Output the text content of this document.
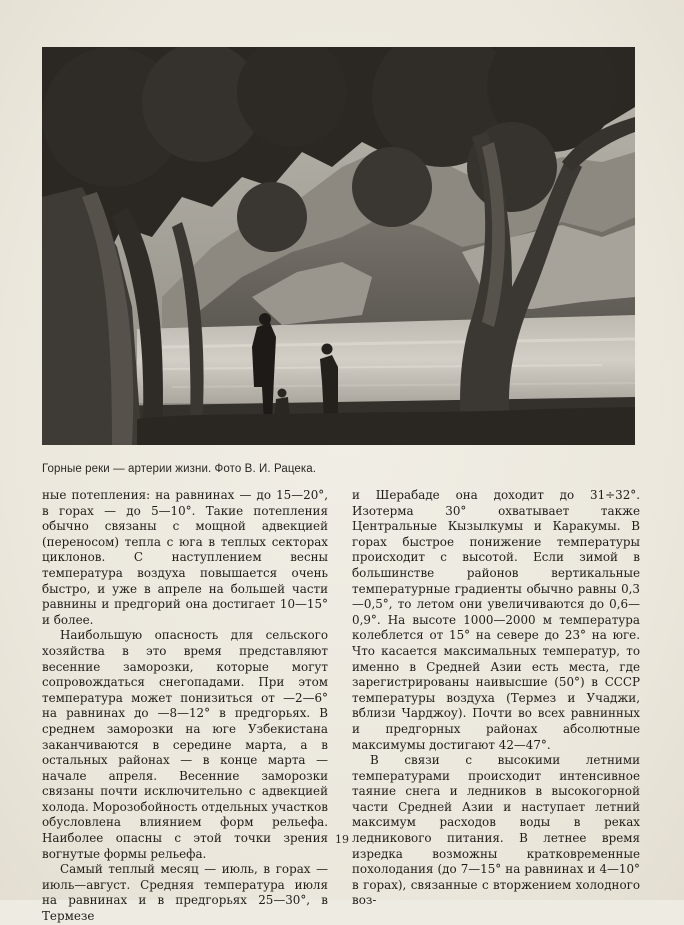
Горные реки — артерии жизни. Фото В. И. Рацека.

ные потепления: на равнинах — до 15—20°, в горах — до 5—10°. Такие потепления обычно связаны с мощной адвекцией (переносом) тепла с юга в теплых секторах циклонов. С наступлением весны температура воздуха повышается очень быстро, и уже в апреле на большей части равнины и предгорий она достигает 10—15° и более.

Наибольшую опасность для сельского хозяйства в это время представляют весенние заморозки, которые могут сопровождаться снегопадами. При этом температура может понизиться от —2—6° на равнинах до —8—12° в предгорьях. В среднем заморозки на юге Узбекистана заканчиваются в середине марта, а в остальных районах — в конце марта — начале апреля. Весенние заморозки связаны почти исключительно с адвекцией холода. Морозобойность отдельных участков обусловлена влиянием форм рельефа. Наиболее опасны с этой точки зрения вогнутые формы рельефа.

Самый теплый месяц — июль, в горах — июль—август. Средняя температура июля на равнинах и в предгорьях 25—30°, в Термезе

и Шерабаде она доходит до 31÷32°. Изотерма 30° охватывает также Центральные Кызылкумы и Каракумы. В горах быстрое понижение температуры происходит с высотой. Если зимой в большинстве районов вертикальные температурные градиенты обычно равны 0,3—0,5°, то летом они увеличиваются до 0,6—0,9°. На высоте 1000—2000 м температура колеблется от 15° на севере до 23° на юге. Что касается максимальных температур, то именно в Средней Азии есть места, где зарегистрированы наивысшие (50°) в СССР температуры воздуха (Термез и Учаджи, вблизи Чарджоу). Почти во всех равнинных и предгорных районах абсолютные максимумы достигают 42—47°.

В связи с высокими летними температурами происходит интенсивное таяние снега и ледников в высокогорной части Средней Азии и наступает летний максимум расходов воды в реках ледникового питания. В летнее время изредка возможны кратковременные похолодания (до 7—15° на равнинах и 4—10° в горах), связанные с вторжением холодного воз-

19
